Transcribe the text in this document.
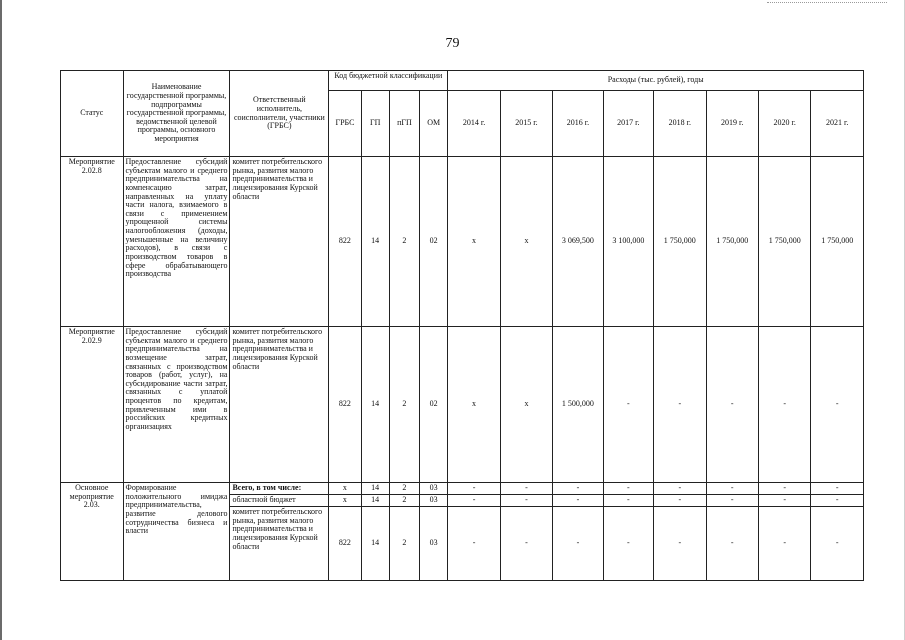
79
Статус	Наименование государственной программы, подпрограммы государственной программы, ведомственной целевой программы, основного мероприятия	Ответственный исполнитель, соисполнители, участники (ГРБС)	Код бюджетной классификации				Расходы (тыс. рублей), годы							
			ГРБС	ГП	пГП	ОМ	2014 г.	2015 г.	2016 г.	2017 г.	2018 г.	2019 г.	2020 г.	2021 г.
Мероприятие 2.02.8	Предоставление субсидий субъектам малого и среднего предпринимательства на компенсацию затрат, направленных на уплату части налога, взимаемого в связи с применением упрощенной системы налогообложения (доходы, уменьшенные на величину расходов), в связи с производством товаров в сфере обрабатывающего производства	комитет потребительского рынка, развития малого предпринимательства и лицензирования Курской области	822	14	2	02	x	x	3 069,500	3 100,000	1 750,000	1 750,000	1 750,000	1 750,000
Мероприятие 2.02.9	Предоставление субсидий субъектам малого и среднего предпринимательства на возмещение затрат, связанных с производством товаров (работ, услуг), на субсидирование части затрат, связанных с уплатой процентов по кредитам, привлеченным ими в российских кредитных организациях	комитет потребительского рынка, развития малого предпринимательства и лицензирования Курской области	822	14	2	02	x	x	1 500,000	-	-	-	-	-
Основное мероприятие 2.03.	Формирование положительного имиджа предпринимательства, развитие делового сотрудничества бизнеса и власти	Всего, в том числе:	x	14	2	03	-	-	-	-	-	-	-	-
		областной бюджет	x	14	2	03	-	-	-	-	-	-	-	-
		комитет потребительского рынка, развития малого предпринимательства и лицензирования Курской области	822	14	2	03	-	-	-	-	-	-	-	-
